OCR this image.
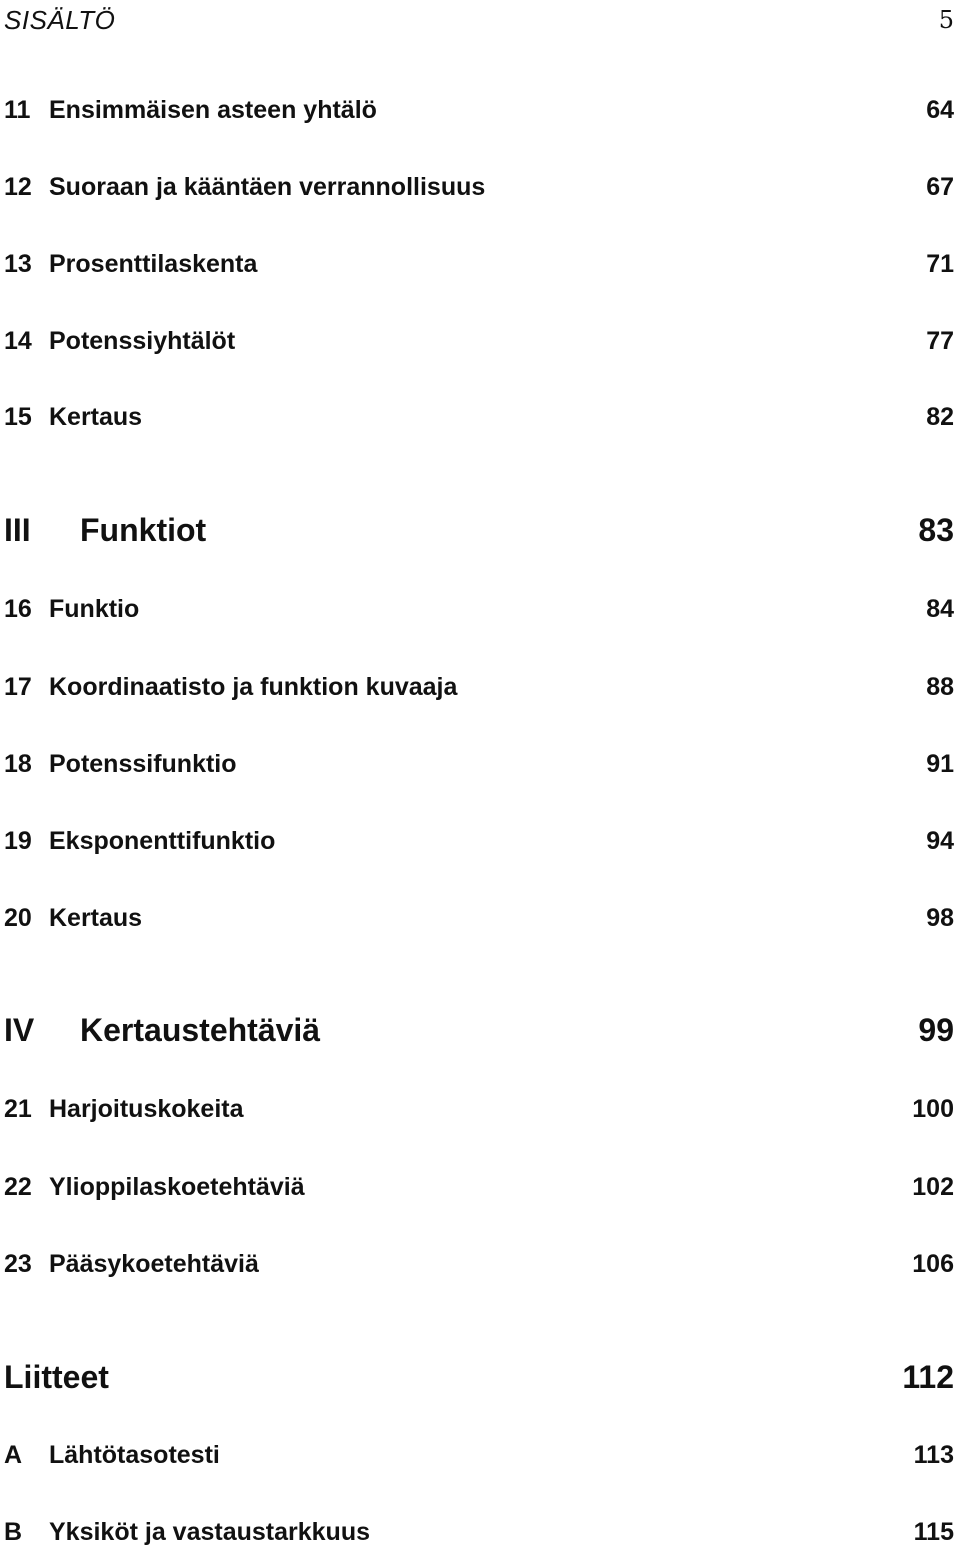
SISÄLTÖ	5
11 Ensimmäisen asteen yhtälö	64
12 Suoraan ja kääntäen verrannollisuus	67
13 Prosenttilaskenta	71
14 Potenssiyhtälöt	77
15 Kertaus	82
III Funktiot	83
16 Funktio	84
17 Koordinaatisto ja funktion kuvaaja	88
18 Potenssifunktio	91
19 Eksponenttifunktio	94
20 Kertaus	98
IV Kertaustehtäviä	99
21 Harjoituskokeita	100
22 Ylioppilaskoetehtäviä	102
23 Pääsykoetehtäviä	106
Liitteet	112
A Lähtötasotesti	113
B Yksiköt ja vastaustarkkuus	115
